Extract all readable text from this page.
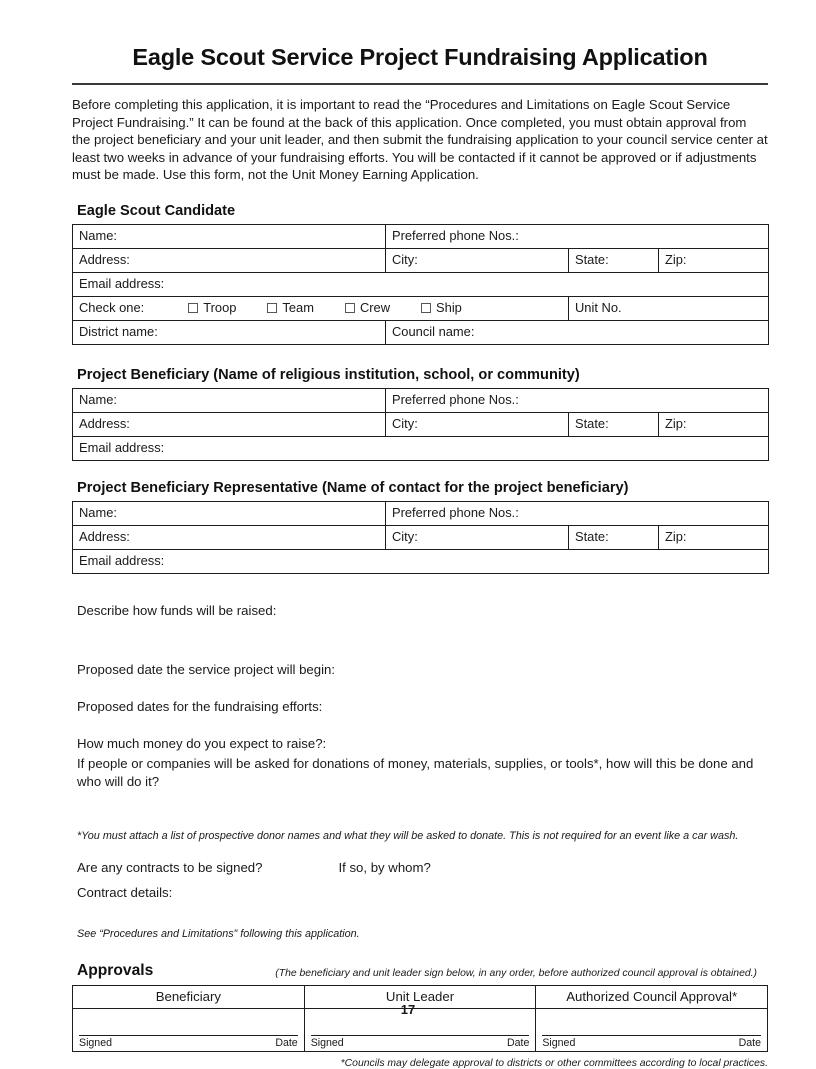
Eagle Scout Service Project Fundraising Application

Before completing this application, it is important to read the “Procedures and Limitations on Eagle Scout Service Project Fundraising.” It can be found at the back of this application. Once completed, you must obtain approval from the project beneficiary and your unit leader, and then submit the fundraising application to your council service center at least two weeks in advance of your fundraising efforts. You will be contacted if it cannot be approved or if adjustments must be made. Use this form, not the Unit Money Earning Application.

Eagle Scout Candidate
Name:	Preferred phone Nos.:		
Address:	City:	State:	Zip:
Email address:			

Check one: Troop Team Crew Ship		Unit No.	
District name:	Council name:		
Project Beneficiary (Name of religious institution, school, or community)
Name:	Preferred phone Nos.:		
Address:	City:	State:	Zip:
Email address:			
Project Beneficiary Representative (Name of contact for the project beneficiary)
Name:	Preferred phone Nos.:		
Address:	City:	State:	Zip:
Email address:			
Describe how funds will be raised:
Proposed date the service project will begin:
Proposed dates for the fundraising efforts:
How much money do you expect to raise?:
If people or companies will be asked for donations of money, materials, supplies, or tools*, how will this be done and who will do it?
*You must attach a list of prospective donor names and what they will be asked to donate. This is not required for an event like a car wash.
Are any contracts to be signed?	If so, by whom?
Contract details:
See “Procedures and Limitations” following this application.
Approvals	(The beneficiary and unit leader sign below, in any order, before authorized council approval is obtained.)
Beneficiary	Unit Leader	Authorized Council Approval*

Signed Date	Signed Date	Signed Date
*Councils may delegate approval to districts or other committees according to local practices.
17
